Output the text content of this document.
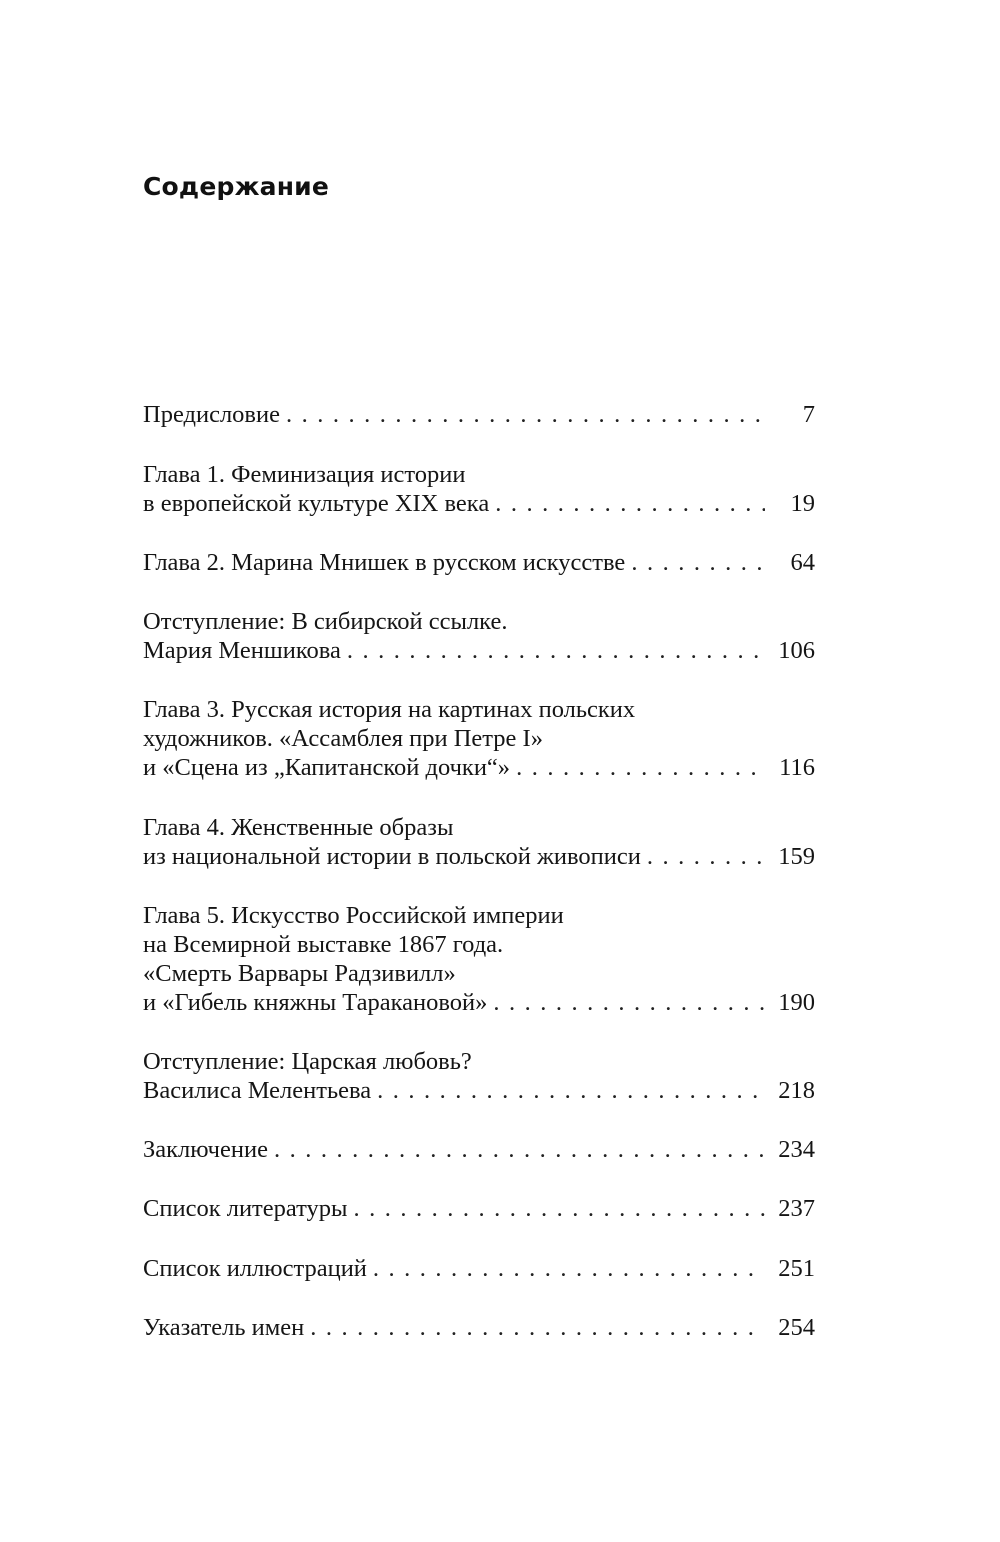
Содержание
Предисловие .....	7
Глава 1. Феминизация истории
в европейской культуре XIX века .....	19
Глава 2. Марина Мнишек в русском искусстве .....	64
Отступление: В сибирской ссылке.
Мария Меншикова .....	106
Глава 3. Русская история на картинах польских
художников. «Ассамблея при Петре I»
и «Сцена из „Капитанской дочки“» .....	116
Глава 4. Женственные образы
из национальной истории в польской живописи .....	159
Глава 5. Искусство Российской империи
на Всемирной выставке 1867 года.
«Смерть Варвары Радзивилл»
и «Гибель княжны Таракановой» .....	190
Отступление: Царская любовь?
Василиса Мелентьева .....	218
Заключение .....	234
Список литературы .....	237
Список иллюстраций .....	251
Указатель имен .....	254
